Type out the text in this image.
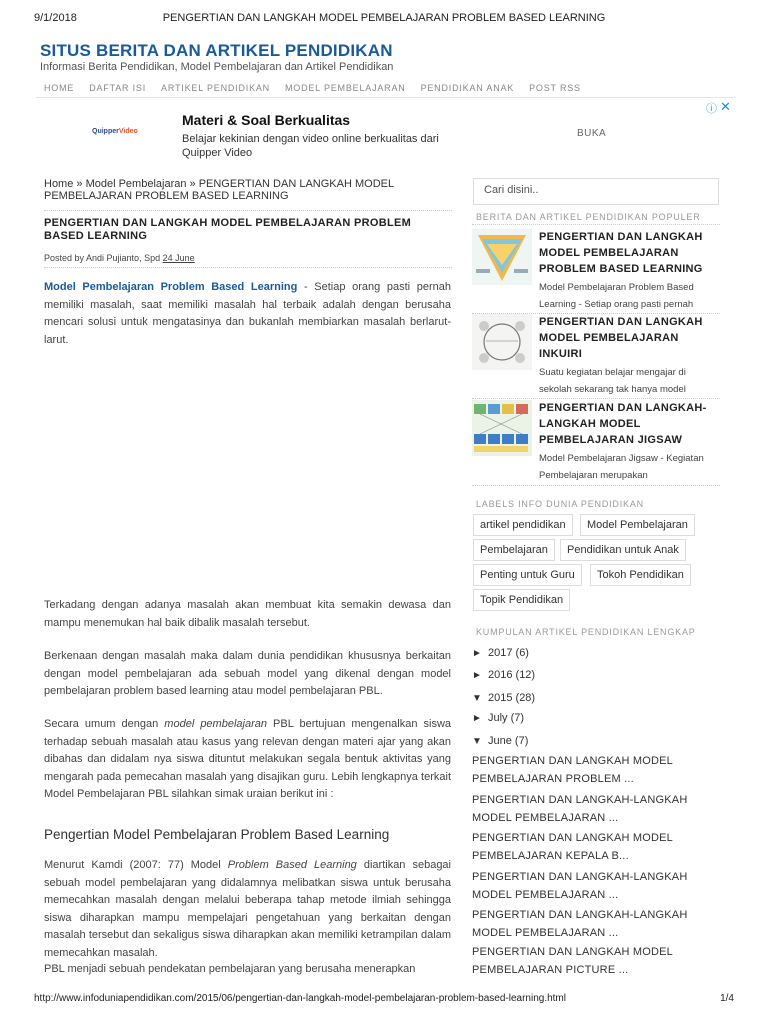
9/1/2018	PENGERTIAN DAN LANGKAH MODEL PEMBELAJARAN PROBLEM BASED LEARNING
SITUS BERITA DAN ARTIKEL PENDIDIKAN
Informasi Berita Pendidikan, Model Pembelajaran dan Artikel Pendidikan
HOME DAFTAR ISI ARTIKEL PENDIDIKAN MODEL PEMBELAJARAN PENDIDIKAN ANAK POST RSS
QuipperVideo
Materi & Soal Berkualitas
Belajar kekinian dengan video online berkualitas dari Quipper Video
BUKA
ⓘ ✕
Home » Model Pembelajaran » PENGERTIAN DAN LANGKAH MODEL PEMBELAJARAN PROBLEM BASED LEARNING
PENGERTIAN DAN LANGKAH MODEL PEMBELAJARAN PROBLEM BASED LEARNING
Posted by Andi Pujianto, Spd 24 June
Model Pembelajaran Problem Based Learning - Setiap orang pasti pernah memiliki masalah, saat memiliki masalah hal terbaik adalah dengan berusaha mencari solusi untuk mengatasinya dan bukanlah membiarkan masalah berlarut-larut.
Terkadang dengan adanya masalah akan membuat kita semakin dewasa dan mampu menemukan hal baik dibalik masalah tersebut.
Berkenaan dengan masalah maka dalam dunia pendidikan khususnya berkaitan dengan model pembelajaran ada sebuah model yang dikenal dengan model pembelajaran problem based learning atau model pembelajaran PBL.
Secara umum dengan model pembelajaran PBL bertujuan mengenalkan siswa terhadap sebuah masalah atau kasus yang relevan dengan materi ajar yang akan dibahas dan didalam nya siswa dituntut melakukan segala bentuk aktivitas yang mengarah pada pemecahan masalah yang disajikan guru. Lebih lengkapnya terkait Model Pembelajaran PBL silahkan simak uraian berikut ini :
Pengertian Model Pembelajaran Problem Based Learning
Menurut Kamdi (2007: 77) Model Problem Based Learning diartikan sebagai sebuah model pembelajaran yang didalamnya melibatkan siswa untuk berusaha memecahkan masalah dengan melalui beberapa tahap metode ilmiah sehingga siswa diharapkan mampu mempelajari pengetahuan yang berkaitan dengan masalah tersebut dan sekaligus siswa diharapkan akan memiliki ketrampilan dalam memecahkan masalah.
PBL menjadi sebuah pendekatan pembelajaran yang berusaha menerapkan
Cari disini..
BERITA DAN ARTIKEL PENDIDIKAN POPULER
PENGERTIAN DAN LANGKAH MODEL PEMBELAJARAN PROBLEM BASED LEARNING
Model Pembelajaran Problem Based Learning - Setiap orang pasti pernah
PENGERTIAN DAN LANGKAH MODEL PEMBELAJARAN INKUIRI
Suatu kegiatan belajar mengajar di sekolah sekarang tak hanya model
PENGERTIAN DAN LANGKAH-LANGKAH MODEL PEMBELAJARAN JIGSAW
Model Pembelajaran Jigsaw - Kegiatan Pembelajaran merupakan
LABELS INFO DUNIA PENDIDIKAN
artikel pendidikan	Model Pembelajaran
Pembelajaran	Pendidikan untuk Anak
Penting untuk Guru	Tokoh Pendidikan
Topik Pendidikan
KUMPULAN ARTIKEL PENDIDIKAN LENGKAP
► 2017 (6)
► 2016 (12)
▼ 2015 (28)
► July (7)
▼ June (7)
PENGERTIAN DAN LANGKAH MODEL PEMBELAJARAN PROBLEM ...
PENGERTIAN DAN LANGKAH-LANGKAH MODEL PEMBELAJARAN ...
PENGERTIAN DAN LANGKAH MODEL PEMBELAJARAN KEPALA B...
PENGERTIAN DAN LANGKAH-LANGKAH MODEL PEMBELAJARAN ...
PENGERTIAN DAN LANGKAH-LANGKAH MODEL PEMBELAJARAN ...
PENGERTIAN DAN LANGKAH MODEL PEMBELAJARAN PICTURE ...
http://www.infoduniapendidikan.com/2015/06/pengertian-dan-langkah-model-pembelajaran-problem-based-learning.html	1/4
